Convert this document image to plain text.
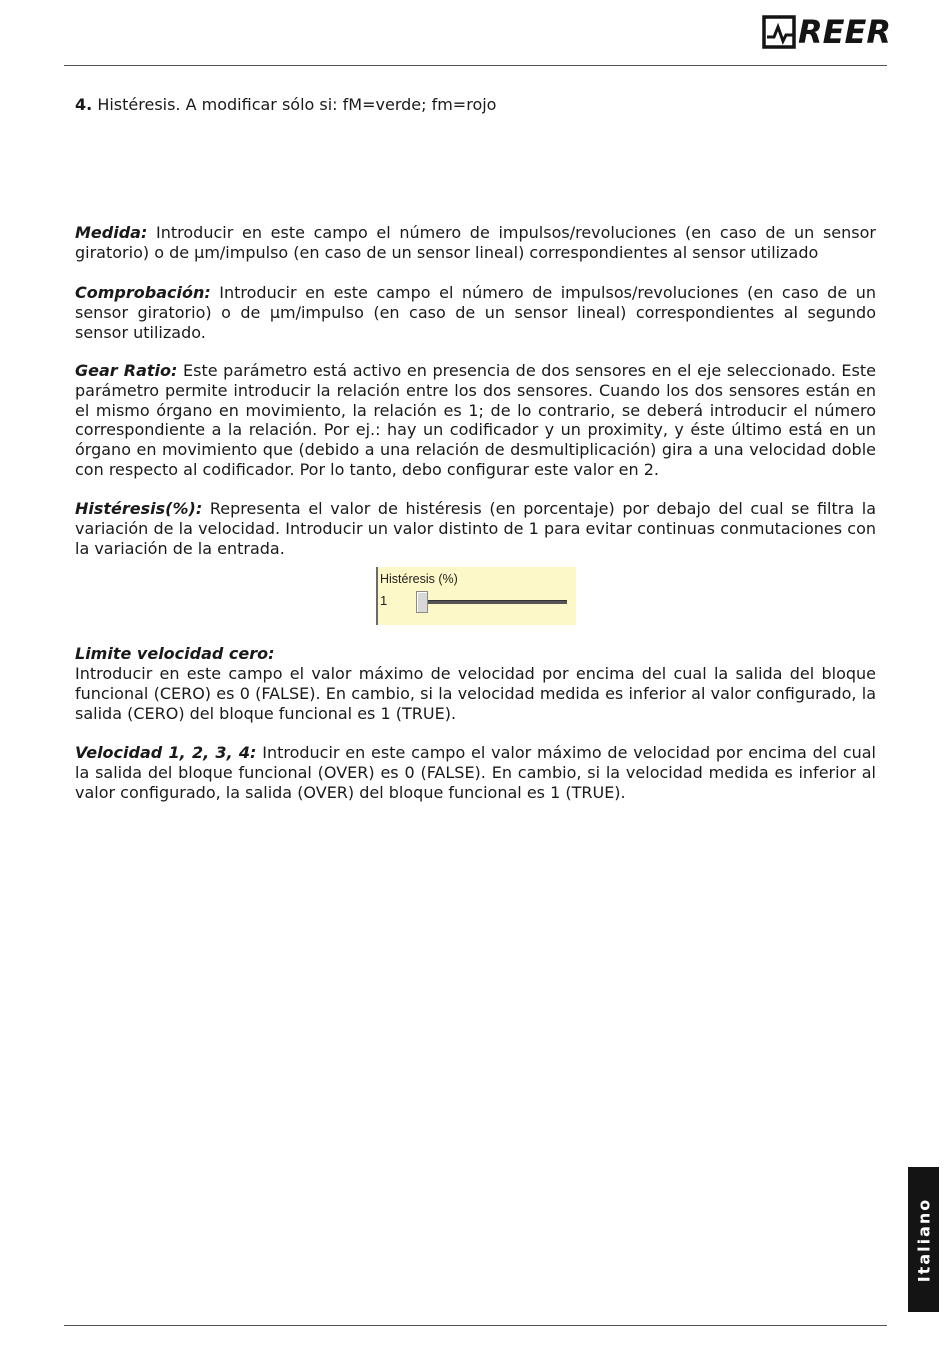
REER
4. Histéresis. A modificar sólo si: fM=verde; fm=rojo

Medida: Introducir en este campo el número de impulsos/revoluciones (en caso de un sensor giratorio) o de µm/impulso (en caso de un sensor lineal) correspondientes al sensor utilizado

Comprobación: Introducir en este campo el número de impulsos/revoluciones (en caso de un sensor giratorio) o de µm/impulso (en caso de un sensor lineal) correspondientes al segundo sensor utilizado.

Gear Ratio: Este parámetro está activo en presencia de dos sensores en el eje seleccionado. Este parámetro permite introducir la relación entre los dos sensores. Cuando los dos sensores están en el mismo órgano en movimiento, la relación es 1; de lo contrario, se deberá introducir el número correspondiente a la relación. Por ej.: hay un codificador y un proximity, y éste último está en un órgano en movimiento que (debido a una relación de desmultiplicación) gira a una velocidad doble con respecto al codificador. Por lo tanto, debo configurar este valor en 2.

Histéresis(%): Representa el valor de histéresis (en porcentaje) por debajo del cual se filtra la variación de la velocidad. Introducir un valor distinto de 1 para evitar continuas conmutaciones con la variación de la entrada.

Histéresis (%)
1

Limite velocidad cero:

Introducir en este campo el valor máximo de velocidad por encima del cual la salida del bloque funcional (CERO) es 0 (FALSE). En cambio, si la velocidad medida es inferior al valor configurado, la salida (CERO) del bloque funcional es 1 (TRUE).

Velocidad 1, 2, 3, 4: Introducir en este campo el valor máximo de velocidad por encima del cual la salida del bloque funcional (OVER) es 0 (FALSE). En cambio, si la velocidad medida es inferior al valor configurado, la salida (OVER) del bloque funcional es 1 (TRUE).

Italiano
